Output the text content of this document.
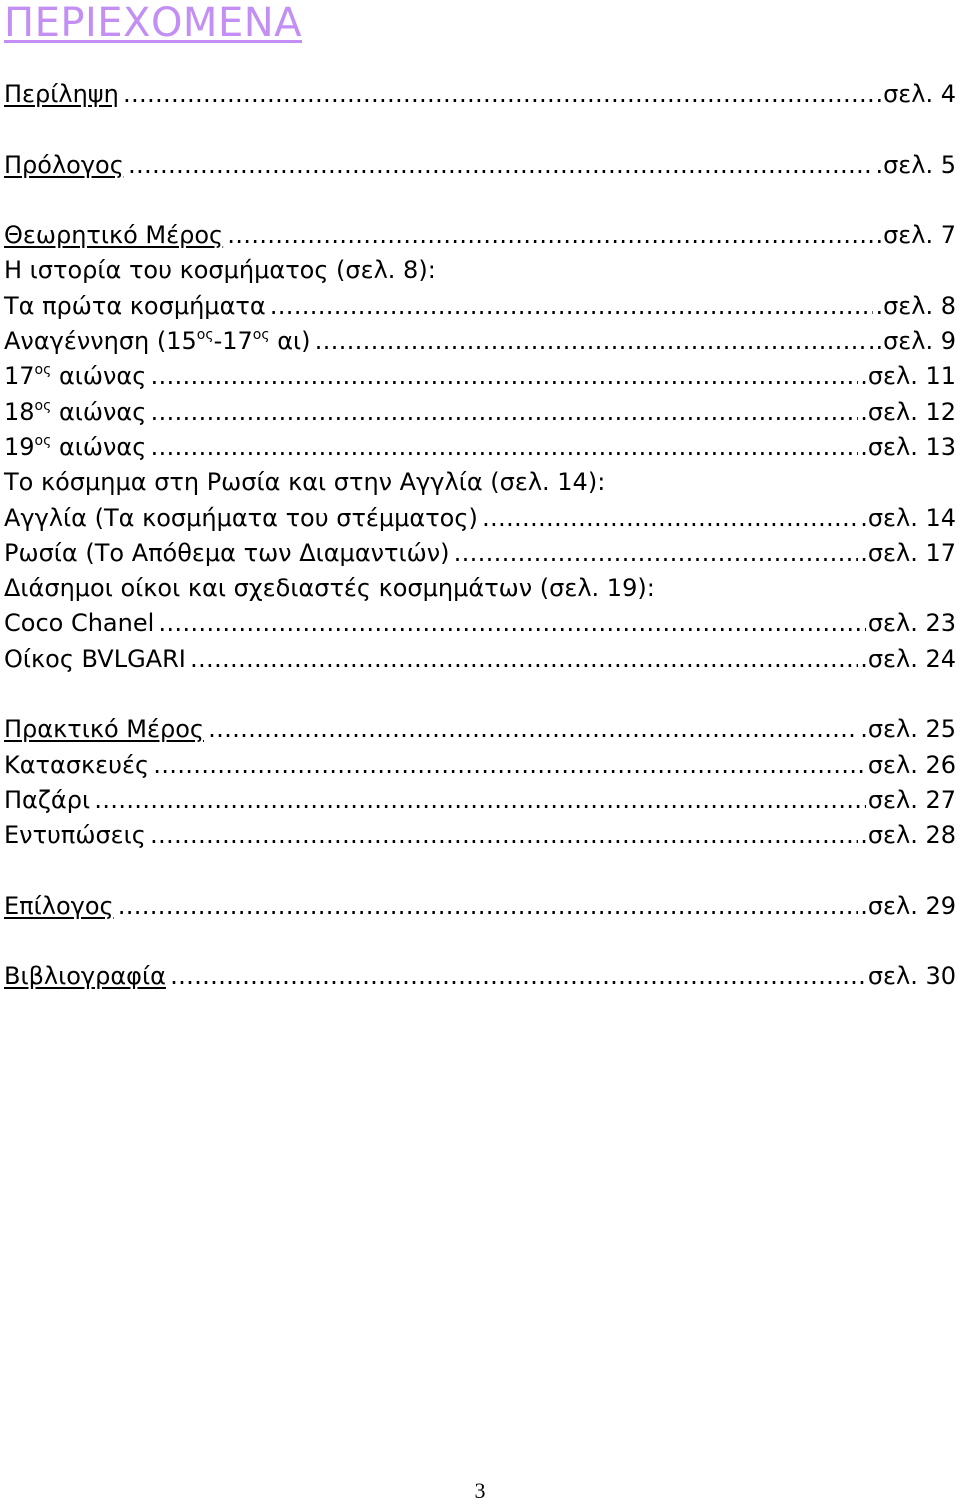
ΠΕΡΙΕΧΟΜΕΝΑ
Περίληψη ……………………………………………………………………………………………………………………………………………………………………………………	.σελ. 4
Πρόλογος ……………………………………………………………………………………………………………………………………………………………………………………	.σελ. 5
Θεωρητικό Μέρος ……………………………………………………………………………………………………………………………………………………………………………………	.σελ. 7
Η ιστορία του κοσμήματος (σελ. 8):
Τα πρώτα κοσμήματα ……………………………………………………………………………………………………………………………………………………………………………………	.σελ. 8
Αναγέννηση ($15^{o\varsigma}-17^{o\varsigma}$ αι) ……………………………………………………………………………………………………………………………………………………………………………………	..σελ. 9
$17^{o\varsigma}$ αιώνας ……………………………………………………………………………………………………………………………………………………………………………………	.σελ. 11
$18^{o\varsigma}$ αιώνας ……………………………………………………………………………………………………………………………………………………………………………………	.σελ. 12
$19^{o\varsigma}$ αιώνας ……………………………………………………………………………………………………………………………………………………………………………………	.σελ. 13
Το κόσμημα στη Ρωσία και στην Αγγλία (σελ. 14):
Αγγλία (Τα κοσμήματα του στέμματος) ……………………………………………………………………………………………………………………………………………………………………………………	.σελ. 14
Ρωσία (Το Απόθεμα των Διαμαντιών) ……………………………………………………………………………………………………………………………………………………………………………………	.σελ. 17
Διάσημοι οίκοι και σχεδιαστές κοσμημάτων (σελ. 19):
Coco Chanel ……………………………………………………………………………………………………………………………………………………………………………………	σελ. 23
Οίκος BVLGARI ……………………………………………………………………………………………………………………………………………………………………………………	.σελ. 24
Πρακτικό Μέρος ……………………………………………………………………………………………………………………………………………………………………………………	.σελ. 25
Κατασκευές ……………………………………………………………………………………………………………………………………………………………………………………	σελ. 26
Παζάρι ……………………………………………………………………………………………………………………………………………………………………………………	σελ. 27
Εντυπώσεις ……………………………………………………………………………………………………………………………………………………………………………………	.σελ. 28
Επίλογος ……………………………………………………………………………………………………………………………………………………………………………………	.σελ. 29
Βιβλιογραφία ……………………………………………………………………………………………………………………………………………………………………………………	σελ. 30
3
